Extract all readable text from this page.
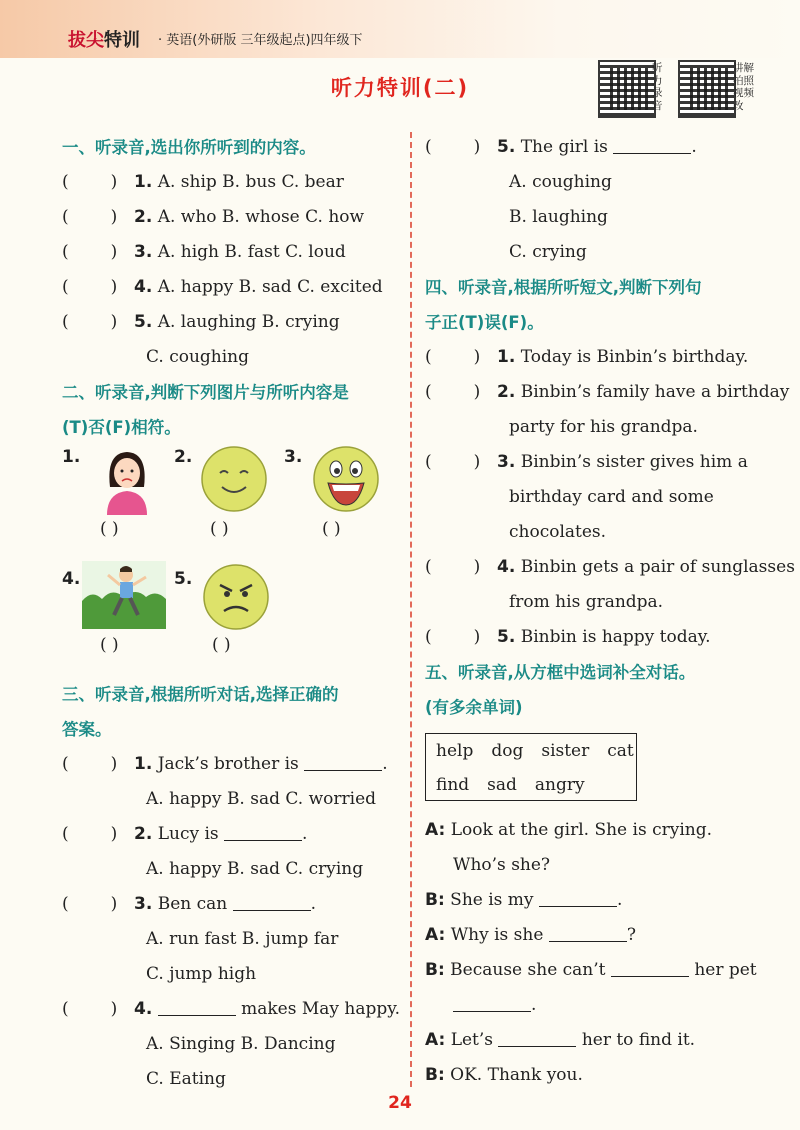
拔尖特训 · 英语(外研版 三年级起点)四年级下
听力特训(二)
听力录音
讲解拍照视频改
一、听录音,选出你所听到的内容。
( ) 1. A. ship B. bus C. bear
( ) 2. A. who B. whose C. how
( ) 3. A. high B. fast C. loud
( ) 4. A. happy B. sad C. excited
( ) 5. A. laughing B. crying
C. coughing
二、听录音,判断下列图片与所听内容是
(T)否(F)相符。
1.
( )
2.
( )
3.
( )
4.
( )
5.
( )
三、听录音,根据所听对话,选择正确的
答案。
( ) 1. Jack’s brother is	.
A. happy B. sad C. worried
( ) 2. Lucy is	.
A. happy B. sad C. crying
( ) 3. Ben can	.
A. run fast B. jump far
C. jump high
( ) 4.	makes May happy.
A. Singing B. Dancing
C. Eating
( ) 5. The girl is	.
A. coughing
B. laughing
C. crying
四、听录音,根据所听短文,判断下列句
子正(T)误(F)。
( ) 1. Today is Binbin’s birthday.
( ) 2. Binbin’s family have a birthday
party for his grandpa.
( ) 3. Binbin’s sister gives him a
birthday card and some
chocolates.
( ) 4. Binbin gets a pair of sunglasses
from his grandpa.
( ) 5. Binbin is happy today.
五、听录音,从方框中选词补全对话。
(有多余单词)
help dog sister cat
find sad angry
A: Look at the girl. She is crying.
Who’s she?
B: She is my	.
A: Why is she	?
B: Because she can’t	her pet
.
A: Let’s	her to find it.
B: OK. Thank you.
24
